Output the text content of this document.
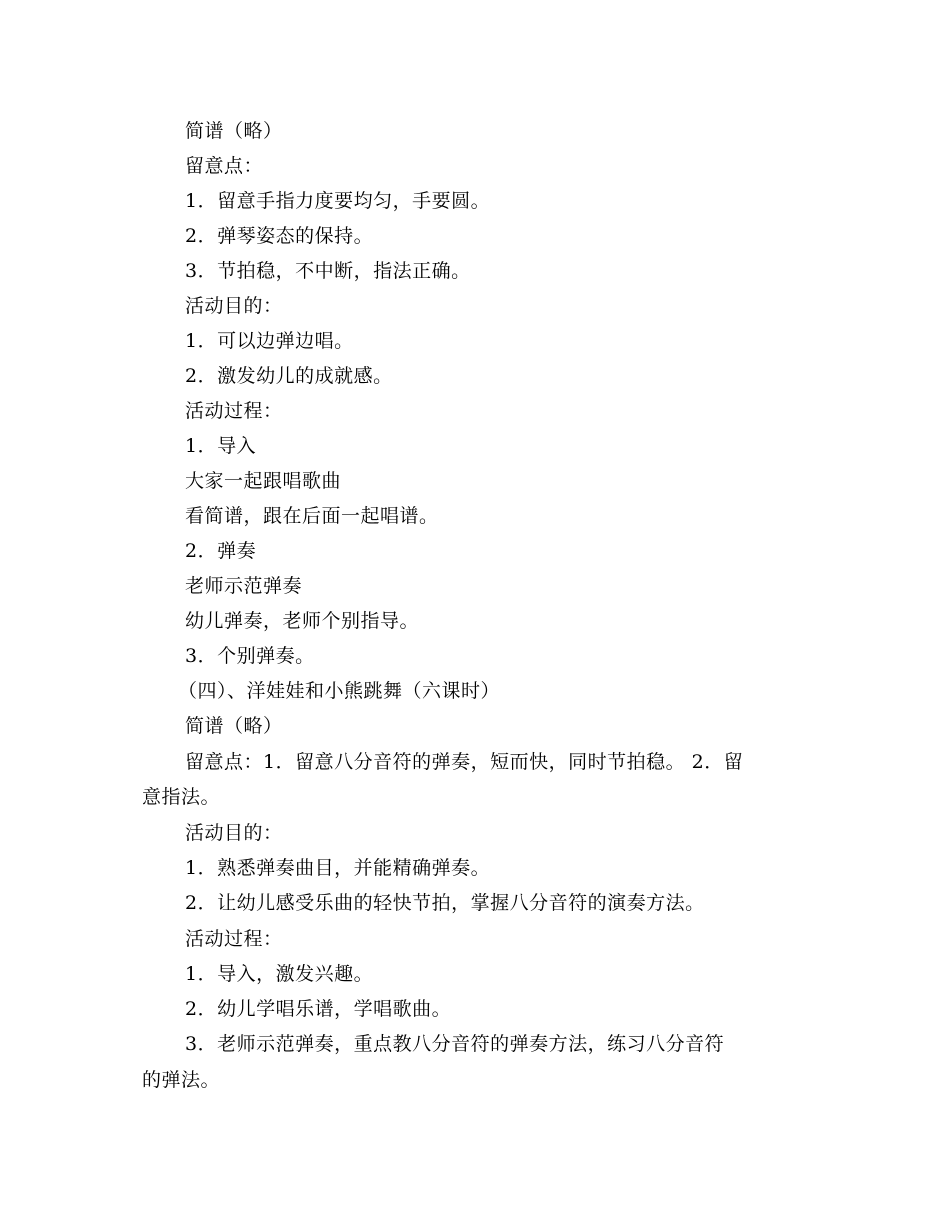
简谱（略）
留意点：
1．留意手指力度要均匀，手要圆。
2．弹琴姿态的保持。
3．节拍稳，不中断，指法正确。
活动目的：
1．可以边弹边唱。
2．激发幼儿的成就感。
活动过程：
1．导入
大家一起跟唱歌曲
看简谱，跟在后面一起唱谱。
2．弹奏
老师示范弹奏
幼儿弹奏，老师个别指导。
3．个别弹奏。
（四）、洋娃娃和小熊跳舞（六课时）
简谱（略）
留意点：1．留意八分音符的弹奏，短而快，同时节拍稳。 2．留
意指法。
活动目的：
1．熟悉弹奏曲目，并能精确弹奏。
2．让幼儿感受乐曲的轻快节拍，掌握八分音符的演奏方法。
活动过程：
1．导入，激发兴趣。
2．幼儿学唱乐谱，学唱歌曲。
3．老师示范弹奏，重点教八分音符的弹奏方法，练习八分音符
的弹法。
